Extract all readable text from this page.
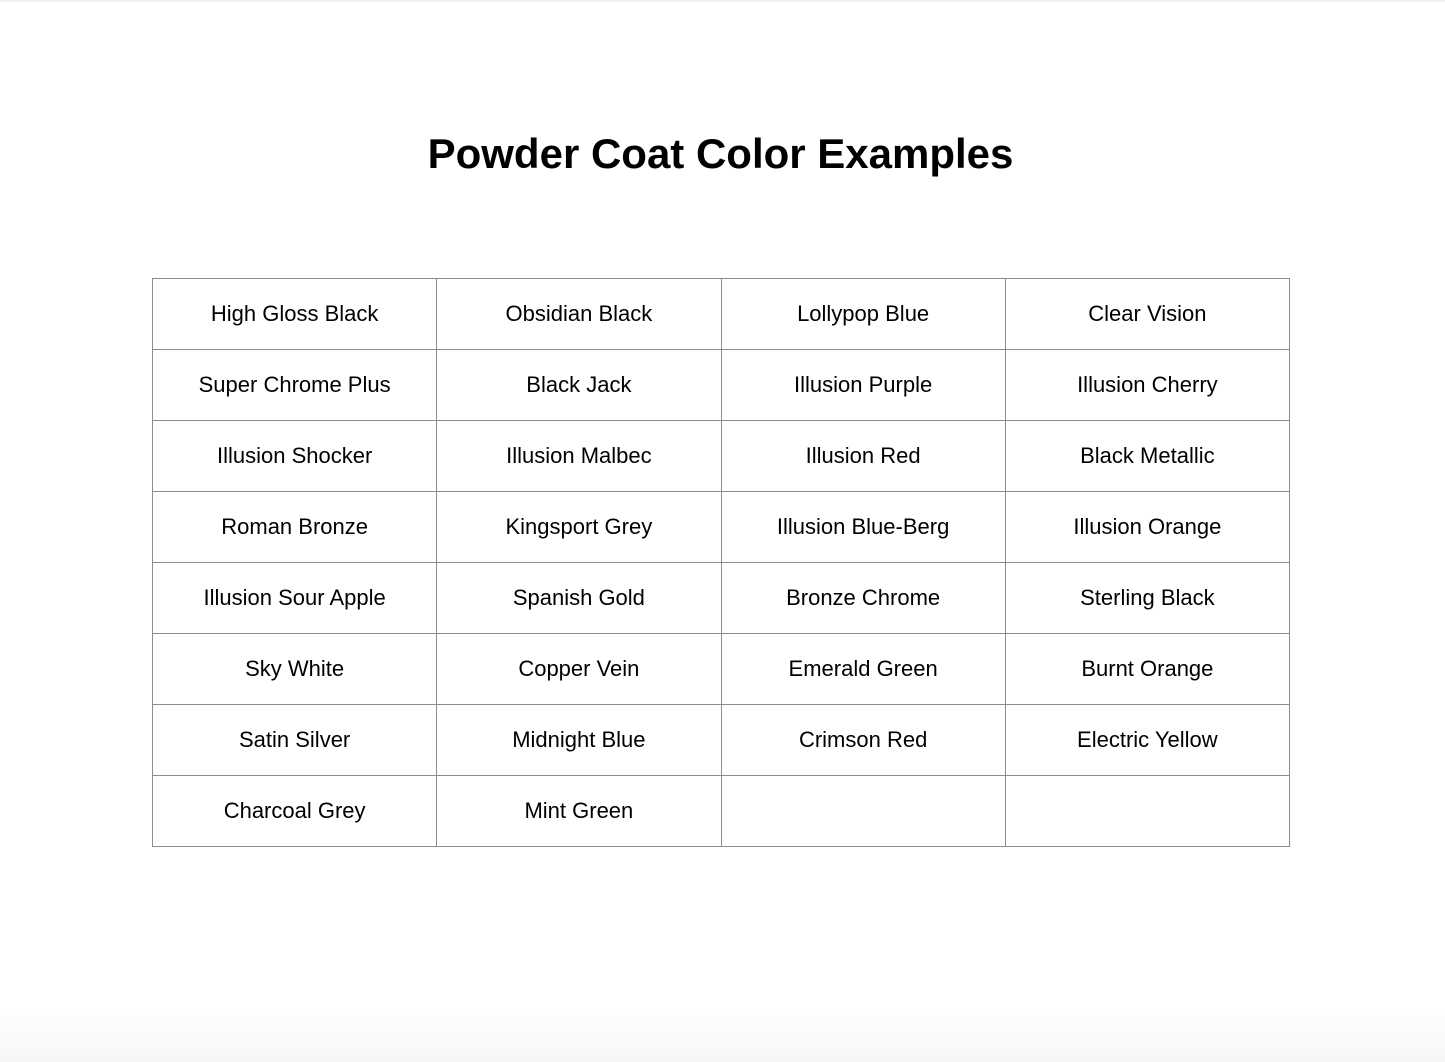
Powder Coat Color Examples
High Gloss Black	Obsidian Black	Lollypop Blue	Clear Vision
Super Chrome Plus	Black Jack	Illusion Purple	Illusion Cherry
Illusion Shocker	Illusion Malbec	Illusion Red	Black Metallic
Roman Bronze	Kingsport Grey	Illusion Blue-Berg	Illusion Orange
Illusion Sour Apple	Spanish Gold	Bronze Chrome	Sterling Black
Sky White	Copper Vein	Emerald Green	Burnt Orange
Satin Silver	Midnight Blue	Crimson Red	Electric Yellow
Charcoal Grey	Mint Green		
